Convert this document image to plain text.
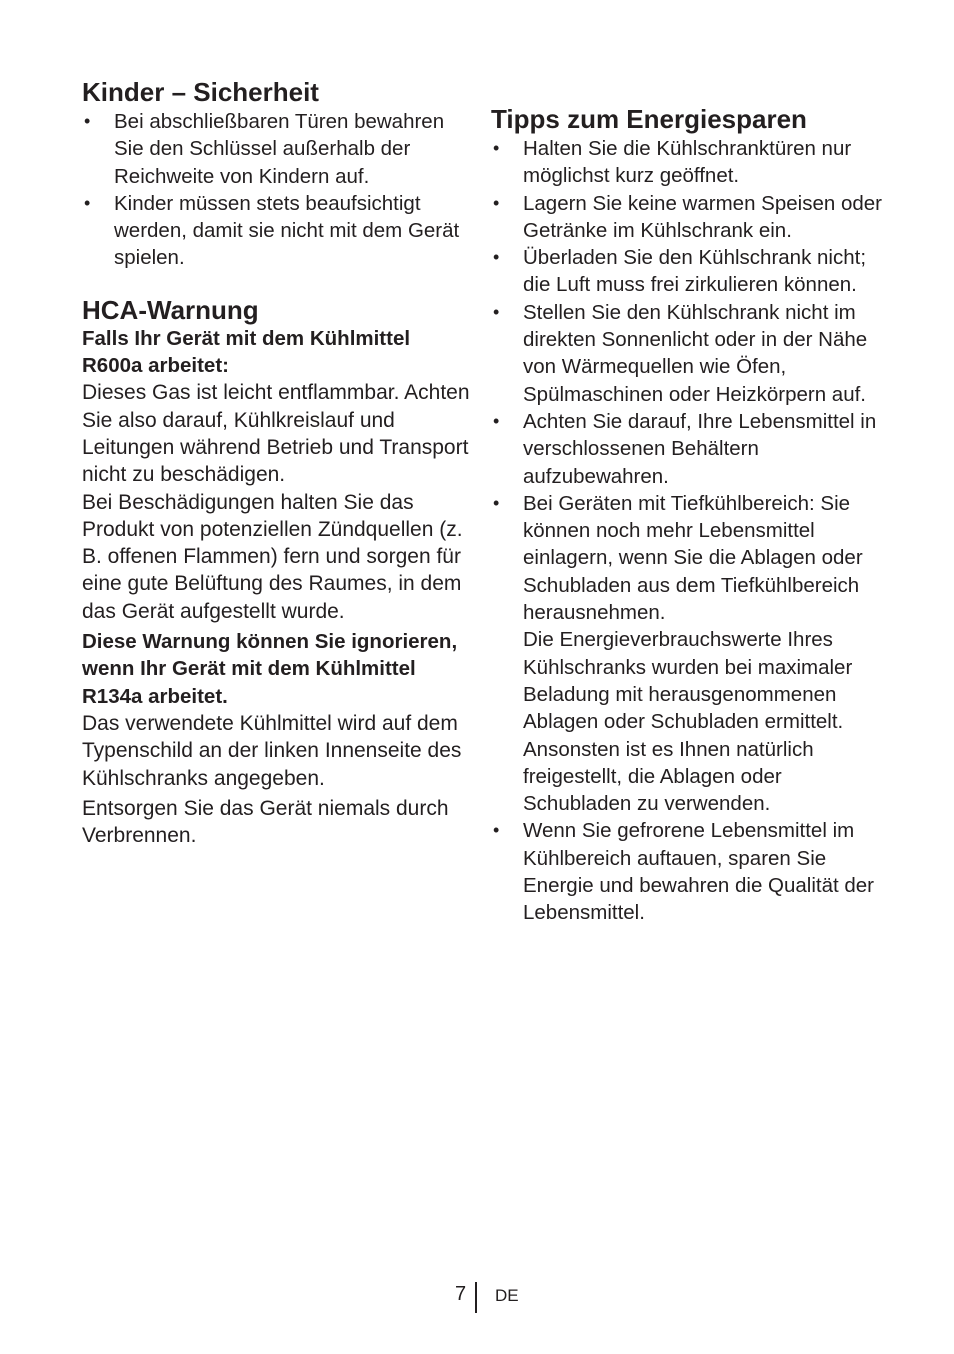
Kinder – Sicherheit
• Bei abschließbaren Türen bewahren Sie den Schlüssel außerhalb der Reichweite von Kindern auf.
• Kinder müssen stets beaufsichtigt werden, damit sie nicht mit dem Gerät spielen.
HCA-Warnung

Falls Ihr Gerät mit dem Kühlmittel R600a arbeitet:

Dieses Gas ist leicht entflammbar. Achten Sie also darauf, Kühlkreislauf und Leitungen während Betrieb und Transport nicht zu beschädigen.

Bei Beschädigungen halten Sie das Produkt von potenziellen Zündquellen (z. B. offenen Flammen) fern und sorgen für eine gute Belüftung des Raumes, in dem das Gerät aufgestellt wurde.

Diese Warnung können Sie ignorieren, wenn Ihr Gerät mit dem Kühlmittel R134a arbeitet.

Das verwendete Kühlmittel wird auf dem Typenschild an der linken Innenseite des Kühlschranks angegeben.

Entsorgen Sie das Gerät niemals durch Verbrennen.

Tipps zum Energiesparen
• Halten Sie die Kühlschranktüren nur möglichst kurz geöffnet.
• Lagern Sie keine warmen Speisen oder Getränke im Kühlschrank ein.
• Überladen Sie den Kühlschrank nicht; die Luft muss frei zirkulieren können.
• Stellen Sie den Kühlschrank nicht im direkten Sonnenlicht oder in der Nähe von Wärmequellen wie Öfen, Spülmaschinen oder Heizkörpern auf.
• Achten Sie darauf, Ihre Lebensmittel in verschlossenen Behältern aufzubewahren.
• Bei Geräten mit Tiefkühlbereich: Sie können noch mehr Lebensmittel einlagern, wenn Sie die Ablagen oder Schubladen aus dem Tiefkühlbereich herausnehmen.
Die Energieverbrauchswerte Ihres Kühlschranks wurden bei maximaler Beladung mit herausgenommenen Ablagen oder Schubladen ermittelt. Ansonsten ist es Ihnen natürlich freigestellt, die Ablagen oder Schubladen zu verwenden.
• Wenn Sie gefrorene Lebensmittel im Kühlbereich auftauen, sparen Sie Energie und bewahren die Qualität der Lebensmittel.
7 DE
